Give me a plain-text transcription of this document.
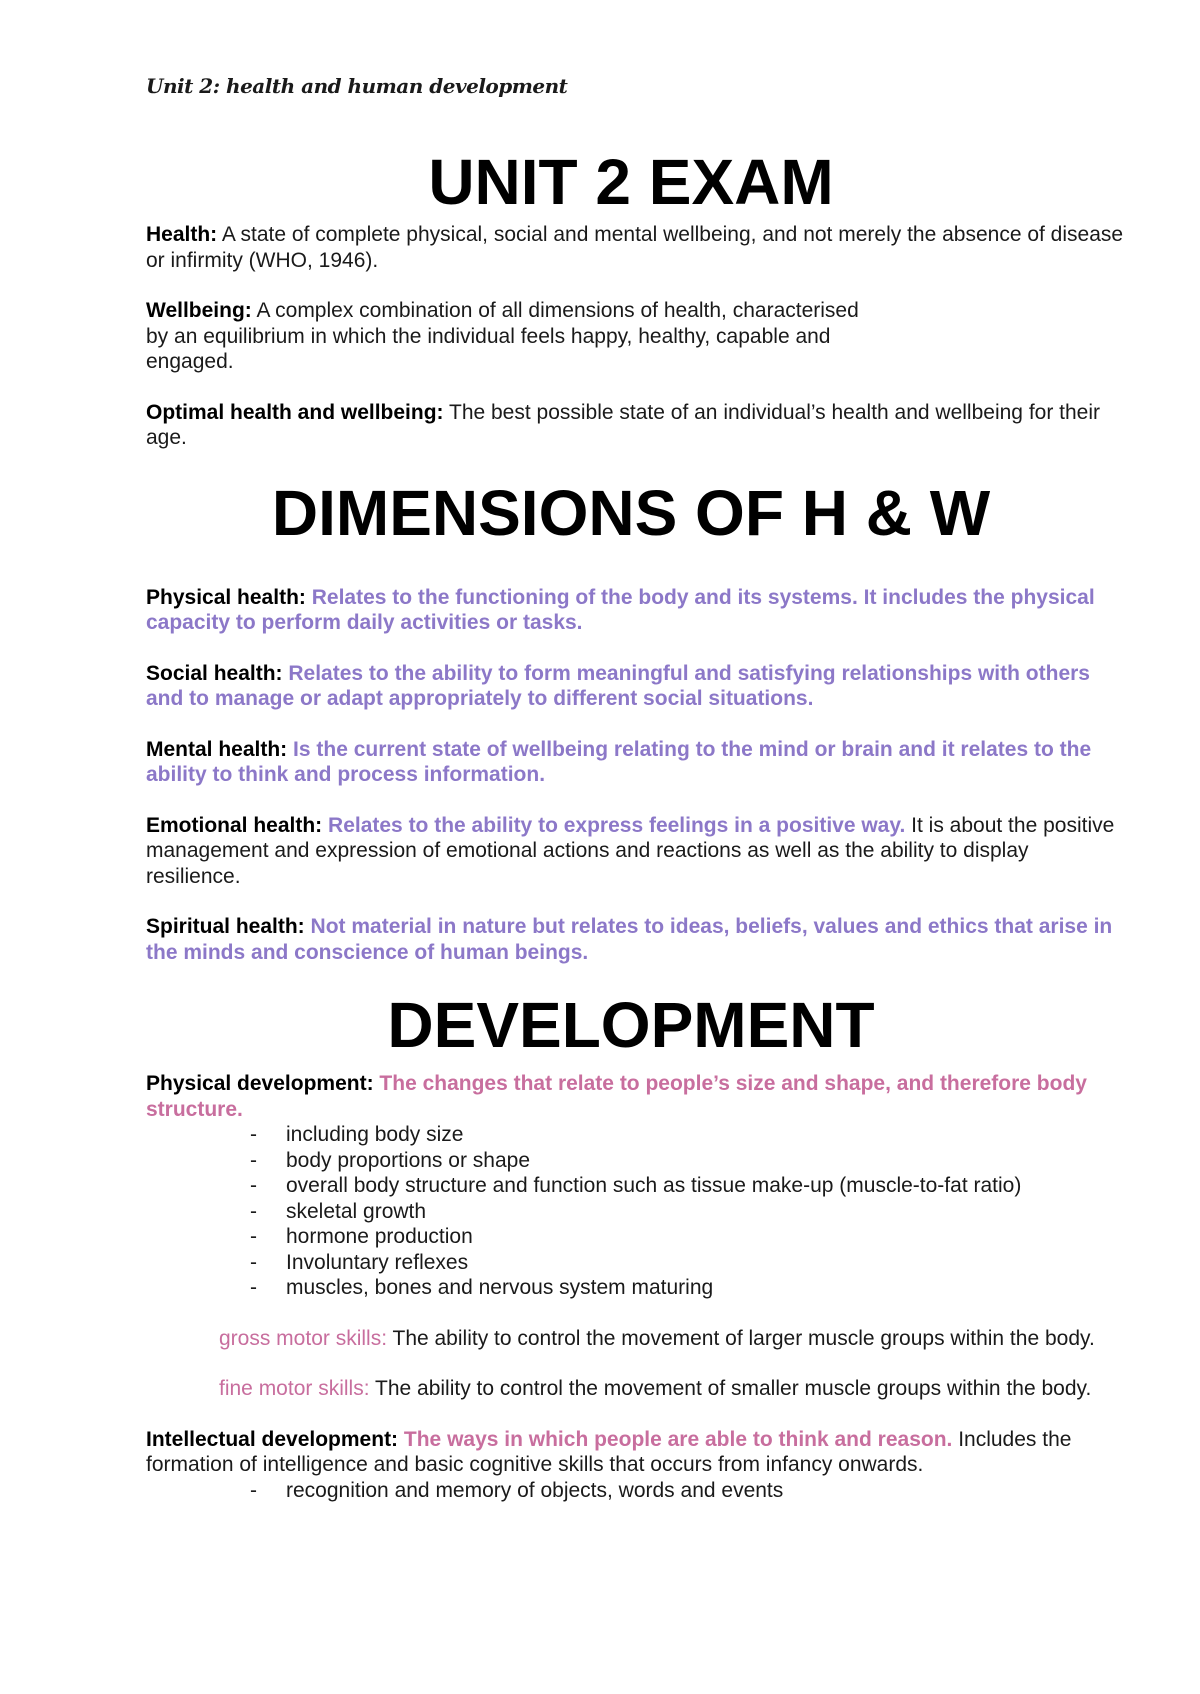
Unit 2: health and human development
UNIT 2 EXAM

Health: A state of complete physical, social and mental wellbeing, and not merely the absence of disease or infirmity (WHO, 1946).

Wellbeing: A complex combination of all dimensions of health, characterised by an equilibrium in which the individual feels happy, healthy, capable and engaged.

Optimal health and wellbeing: The best possible state of an individual’s health and wellbeing for their age.

DIMENSIONS OF H & W

Physical health: Relates to the functioning of the body and its systems. It includes the physical capacity to perform daily activities or tasks.

Social health: Relates to the ability to form meaningful and satisfying relationships with others and to manage or adapt appropriately to different social situations.

Mental health: Is the current state of wellbeing relating to the mind or brain and it relates to the ability to think and process information.

Emotional health: Relates to the ability to express feelings in a positive way. It is about the positive management and expression of emotional actions and reactions as well as the ability to display resilience.

Spiritual health: Not material in nature but relates to ideas, beliefs, values and ethics that arise in the minds and conscience of human beings.

DEVELOPMENT

Physical development: The changes that relate to people’s size and shape, and therefore body structure.

- including body size
- body proportions or shape
- overall body structure and function such as tissue make-up (muscle-to-fat ratio)
- skeletal growth
- hormone production
- Involuntary reflexes
- muscles, bones and nervous system maturing

gross motor skills: The ability to control the movement of larger muscle groups within the body.

fine motor skills: The ability to control the movement of smaller muscle groups within the body.

Intellectual development: The ways in which people are able to think and reason. Includes the formation of intelligence and basic cognitive skills that occurs from infancy onwards.

- recognition and memory of objects, words and events
